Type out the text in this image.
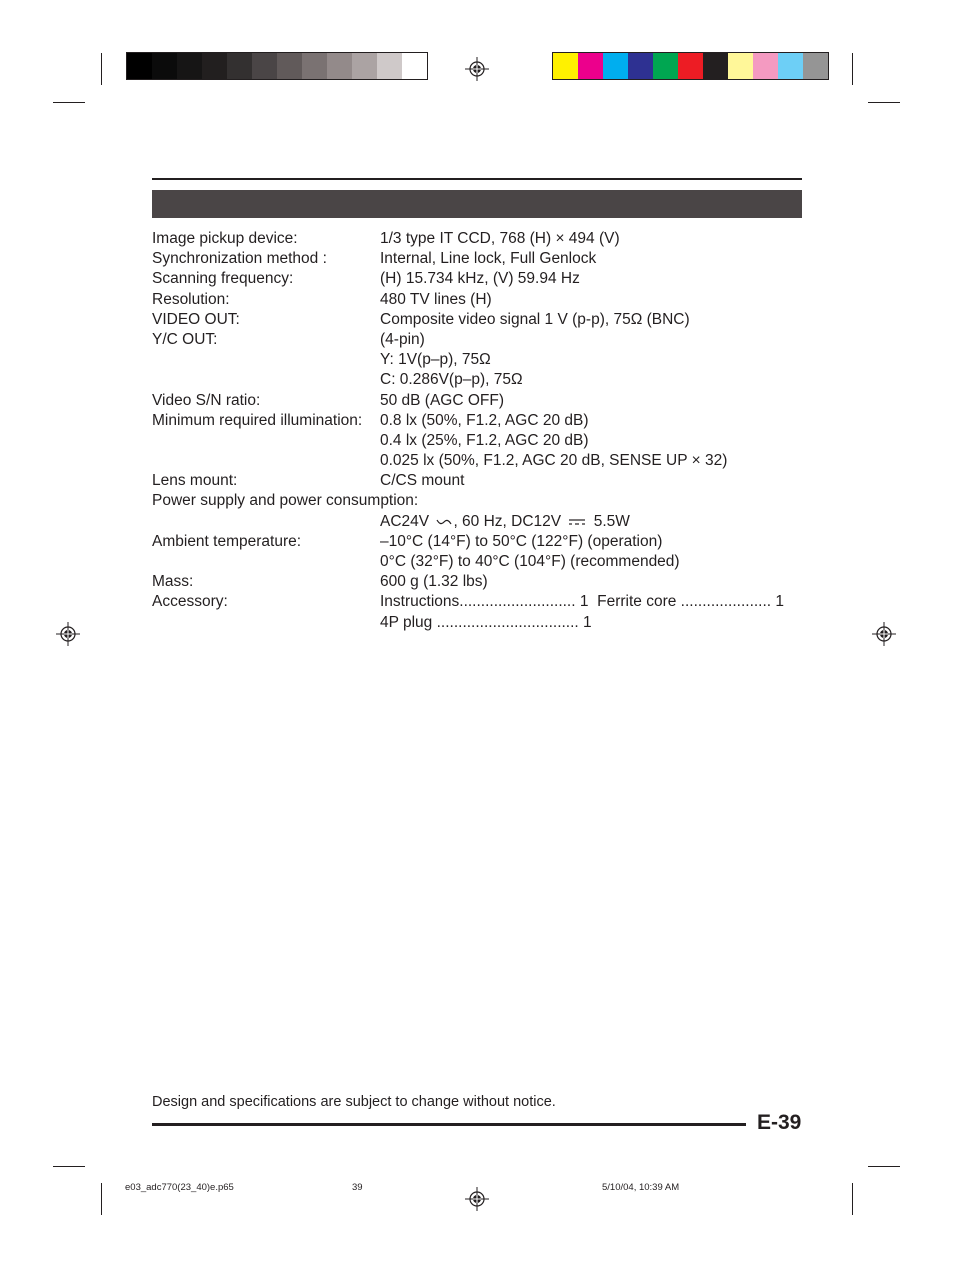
Image pickup device:	1/3 type IT CCD, 768 (H) × 494 (V)
Synchronization method :	Internal, Line lock, Full Genlock
Scanning frequency:	(H) 15.734 kHz, (V) 59.94 Hz
Resolution:	480 TV lines (H)
VIDEO OUT:	Composite video signal 1 V (p-p), 75Ω (BNC)
Y/C OUT:	(4-pin)
Y: 1V(p–p), 75Ω
C: 0.286V(p–p), 75Ω
Video S/N ratio:	50 dB (AGC OFF)
Minimum required illumination:	0.8 lx (50%, F1.2, AGC 20 dB)
0.4 lx (25%, F1.2, AGC 20 dB)
0.025 lx (50%, F1.2, AGC 20 dB, SENSE UP × 32)
Lens mount:	C/CS mount
Power supply and power consumption:
AC24V , 60 Hz, DC12V 5.5W
Ambient temperature:	–10°C (14°F) to 50°C (122°F) (operation)
0°C (32°F) to 40°C (104°F) (recommended)
Mass:	600 g (1.32 lbs)
Accessory:	Instructions........................... 1 Ferrite core ..................... 1
4P plug ................................. 1
Design and specifications are subject to change without notice.
E-39
e03_adc770(23_40)e.p65	39	5/10/04, 10:39 AM
